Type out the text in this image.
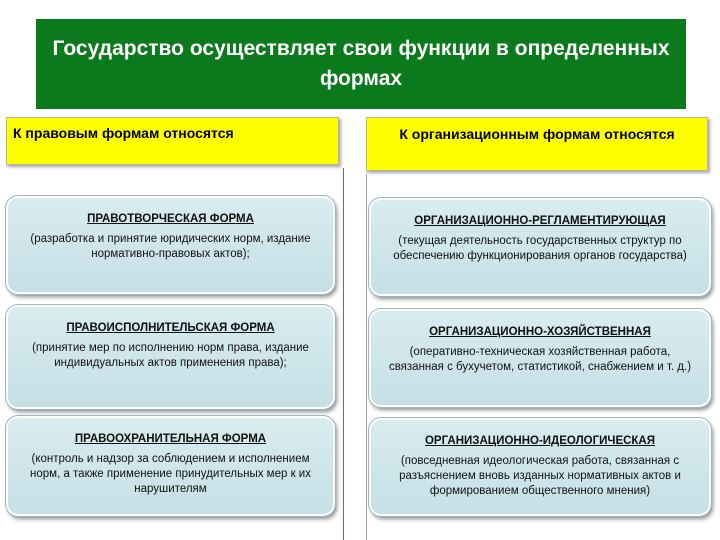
Государство осуществляет свои функции в определенных формах
К правовым формам относятся	К организационным формам относятся
ПРАВОТВОРЧЕСКАЯ ФОРМА
(разработка и принятие юридических норм, издание нормативно-правовых актов);
ПРАВОИСПОЛНИТЕЛЬСКАЯ ФОРМА
(принятие мер по исполнению норм права, издание индивидуальных актов применения права);
ПРАВООХРАНИТЕЛЬНАЯ ФОРМА
(контроль и надзор за соблюдением и исполнением норм, а также применение принудительных мер к их нарушителям
ОРГАНИЗАЦИОННО-РЕГЛАМЕНТИРУЮЩАЯ
(текущая деятельность государственных структур по обеспечению функционирования органов государства)
ОРГАНИЗАЦИОННО-ХОЗЯЙСТВЕННАЯ
(оперативно-техническая хозяйственная работа, связанная с бухучетом, статистикой, снабжением и т. д.)
ОРГАНИЗАЦИОННО-ИДЕОЛОГИЧЕСКАЯ
(повседневная идеологическая работа, связанная с разъяснением вновь изданных нормативных актов и формированием общественного мнения)
